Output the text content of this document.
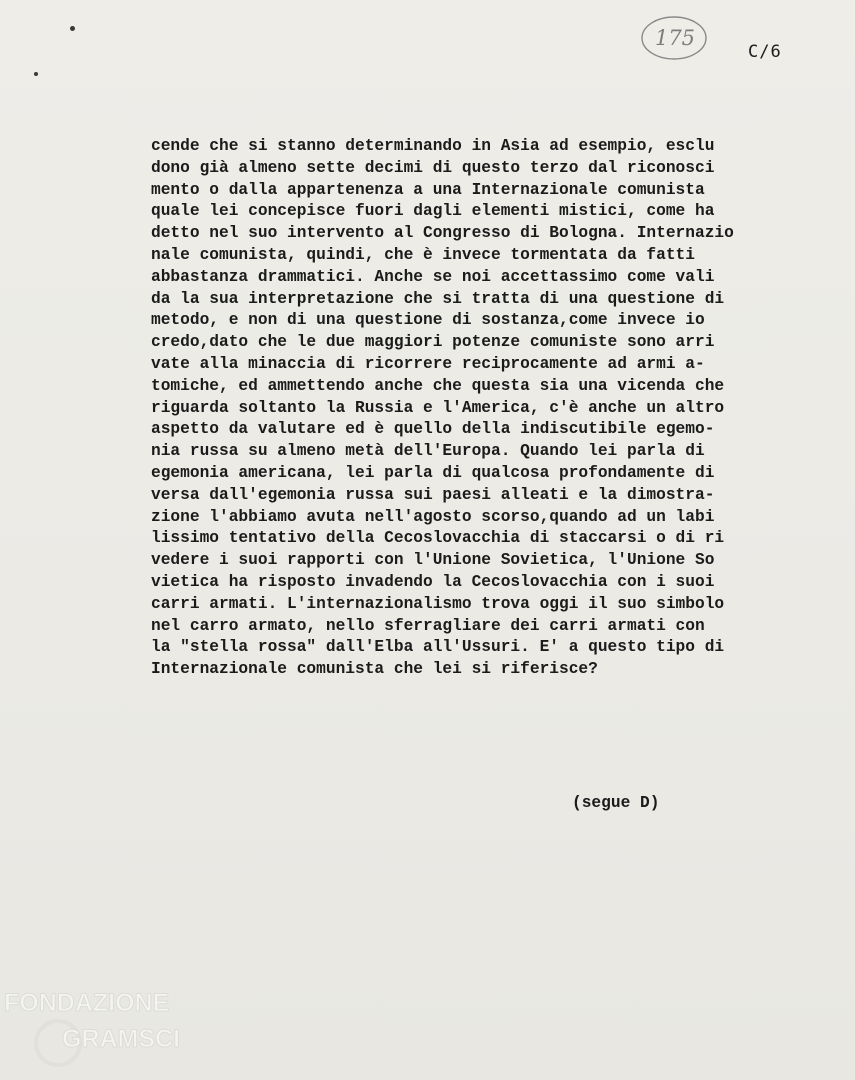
175
C/6
cende che si stanno determinando in Asia ad esempio, esclu
dono già almeno sette decimi di questo terzo dal riconosci
mento o dalla appartenenza a una Internazionale comunista
quale lei concepisce fuori dagli elementi mistici, come ha
detto nel suo intervento al Congresso di Bologna. Internazio
nale comunista, quindi, che è invece tormentata da fatti
abbastanza drammatici. Anche se noi accettassimo come vali
da la sua interpretazione che si tratta di una questione di
metodo, e non di una questione di sostanza,come invece io
credo,dato che le due maggiori potenze comuniste sono arri
vate alla minaccia di ricorrere reciprocamente ad armi a-
tomiche, ed ammettendo anche che questa sia una vicenda che
riguarda soltanto la Russia e l'America, c'è anche un altro
aspetto da valutare ed è quello della indiscutibile egemo-
nia russa su almeno metà dell'Europa. Quando lei parla di
egemonia americana, lei parla di qualcosa profondamente di
versa dall'egemonia russa sui paesi alleati e la dimostra-
zione l'abbiamo avuta nell'agosto scorso,quando ad un labi
lissimo tentativo della Cecoslovacchia di staccarsi o di ri
vedere i suoi rapporti con l'Unione Sovietica, l'Unione So
vietica ha risposto invadendo la Cecoslovacchia con i suoi
carri armati. L'internazionalismo trova oggi il suo simbolo
nel carro armato, nello sferragliare dei carri armati con
la "stella rossa" dall'Elba all'Ussuri. E' a questo tipo di
Internazionale comunista che lei si riferisce?
(segue D)
FONDAZIONE
GRAMSCI
